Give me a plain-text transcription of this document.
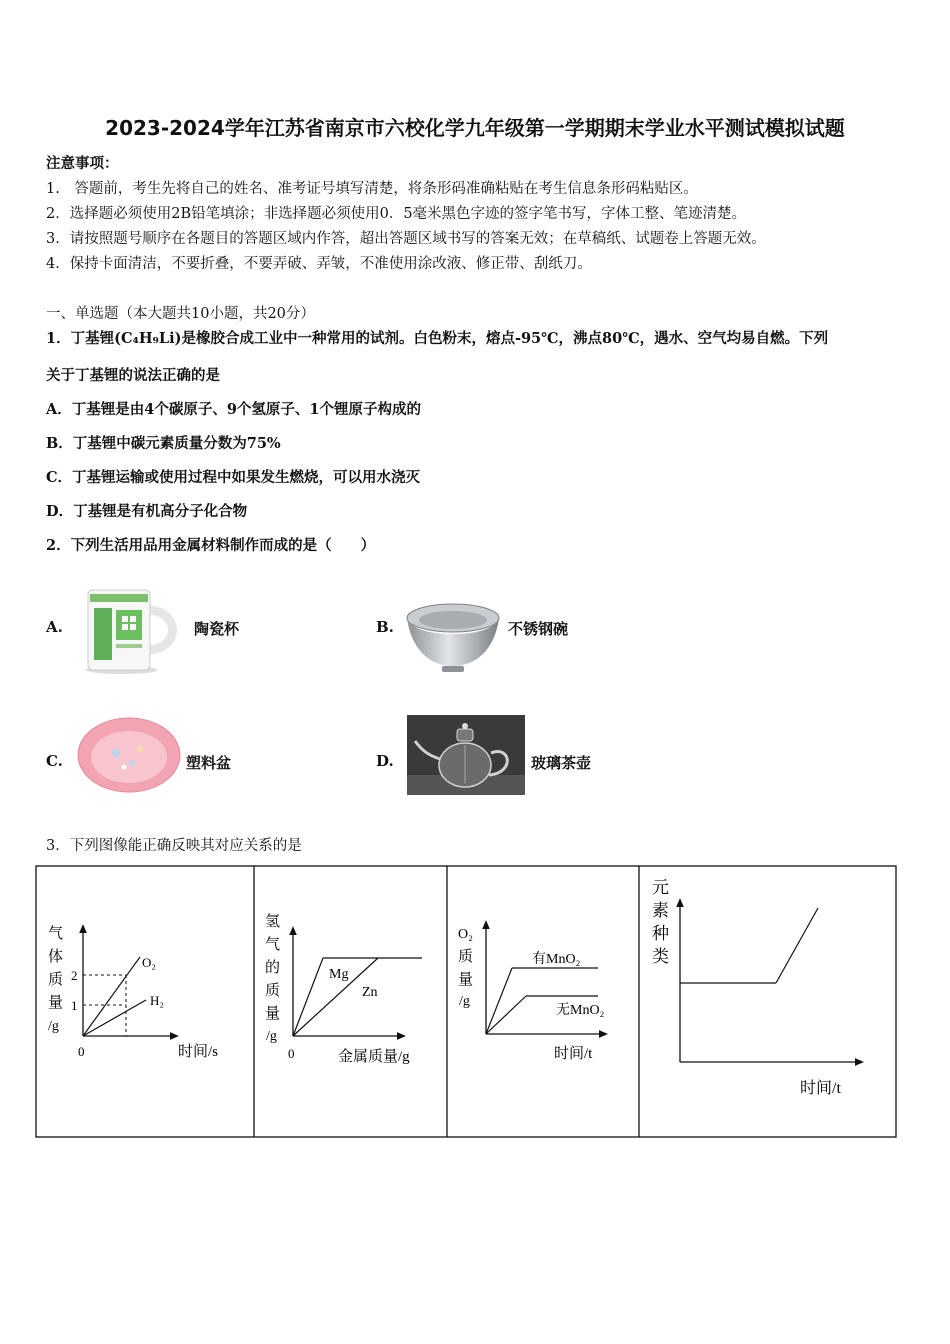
2023-2024学年江苏省南京市六校化学九年级第一学期期末学业水平测试模拟试题
注意事项：
1.　答题前，考生先将自己的姓名、准考证号填写清楚，将条形码准确粘贴在考生信息条形码粘贴区。
2．选择题必须使用2B铅笔填涂；非选择题必须使用0．5毫米黑色字迹的签字笔书写，字体工整、笔迹清楚。
3．请按照题号顺序在各题目的答题区域内作答，超出答题区域书写的答案无效；在草稿纸、试题卷上答题无效。
4．保持卡面清洁，不要折叠，不要弄破、弄皱，不准使用涂改液、修正带、刮纸刀。
一、单选题（本大题共10小题，共20分）
1．丁基锂(C₄H₉Li)是橡胶合成工业中一种常用的试剂。白色粉末，熔点-95℃，沸点80℃，遇水、空气均易自燃。下列
关于丁基锂的说法正确的是
A．丁基锂是由4个碳原子、9个氢原子、1个锂原子构成的
B．丁基锂中碳元素质量分数为75%
C．丁基锂运输或使用过程中如果发生燃烧，可以用水浇灭
D．丁基锂是有机高分子化合物
2．下列生活用品用金属材料制作而成的是（　　）
A.	陶瓷杯	B.	不锈钢碗
C.	塑料盆	D.	玻璃茶壶
3．下列图像能正确反映其对应关系的是
气
体
质
量
/g
2
1
O₂
H₂
0	时间/s
氢
气
的
质
量
/g
Mg
Zn
0	金属质量/g
O₂
质
量
/g
有MnO₂
无MnO₂
时间/t
元
素
种
类
时间/t
